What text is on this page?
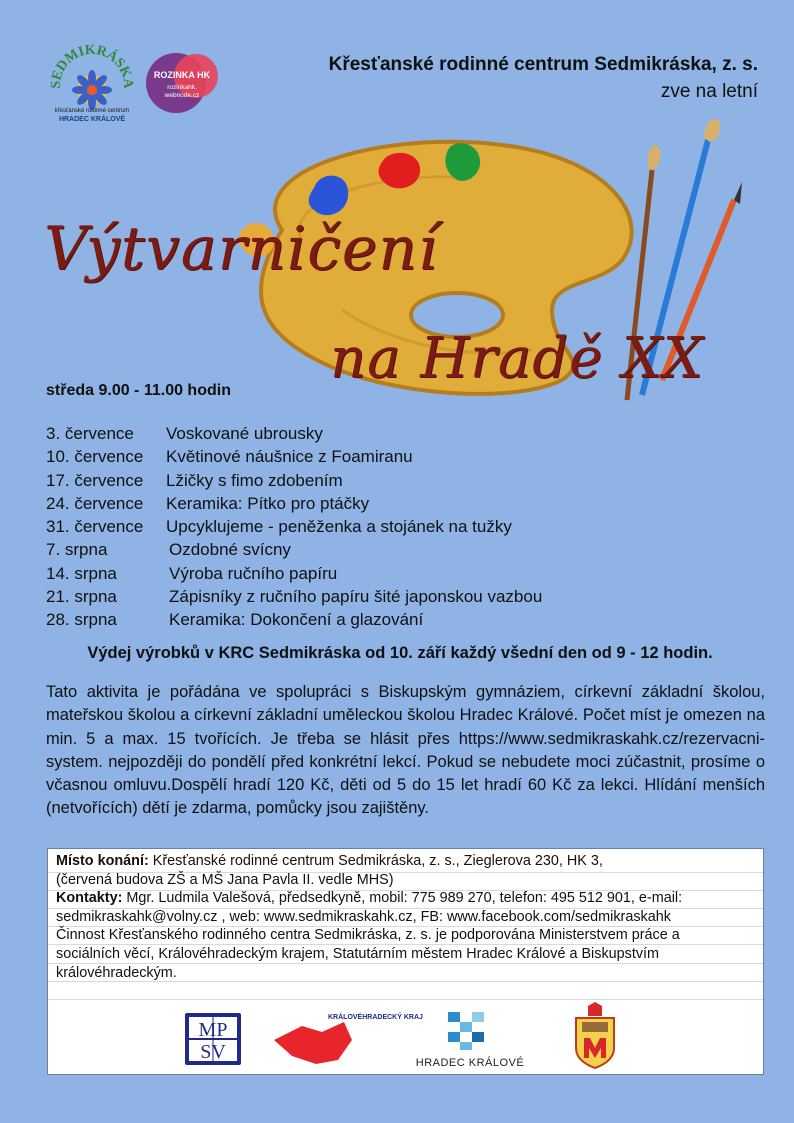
SEDMIKRÁSKA
křesťanské rodinné centrum
HRADEC KRÁLOVÉ
ROZINKA HK
rozinkahk.
webnode.cz
Křesťanské rodinné centrum Sedmikráska, z. s.
zve na letní
Výtvarničení
na Hradě XX
středa 9.00 - 11.00 hodin
3. července Voskované ubrousky
10. července Květinové náušnice z Foamiranu
17. července Lžičky s fimo zdobením
24. července Keramika: Pítko pro ptáčky
31. července Upcyklujeme - peněženka a stojánek na tužky
7. srpna	Ozdobné svícny
14. srpna	Výroba ručního papíru
21. srpna	Zápisníky z ručního papíru šité japonskou vazbou
28. srpna	Keramika: Dokončení a glazování
Výdej výrobků v KRC Sedmikráska od 10. září každý všední den od 9 - 12 hodin.
Tato aktivita je pořádána ve spolupráci s Biskupským gymnáziem, církevní základní školou, mateřskou školou a církevní základní uměleckou školou Hradec Králové. Počet míst je omezen na min. 5 a max. 15 tvořících. Je třeba se hlásit přes https://www.sedmikraskahk.cz/rezervacni-system. nejpozději do pondělí před konkrétní lekcí. Pokud se nebudete moci zúčastnit, prosíme o včasnou omluvu.Dospělí hradí 120 Kč, děti od 5 do 15 let hradí 60 Kč za lekci. Hlídání menších (netvořících) dětí je zdarma, pomůcky jsou zajištěny.
Místo konání: Křesťanské rodinné centrum Sedmikráska, z. s., Zieglerova 230, HK 3,
(červená budova ZŠ a MŠ Jana Pavla II. vedle MHS)
Kontakty: Mgr. Ludmila Valešová, předsedkyně, mobil: 775 989 270, telefon: 495 512 901, e-mail:
sedmikraskahk@volny.cz , web: www.sedmikraskahk.cz, FB: www.facebook.com/sedmikraskahk
Činnost Křesťanského rodinného centra Sedmikráska, z. s. je podporována Ministerstvem práce a
sociálních věcí, Královéhradeckým krajem, Statutárním městem Hradec Králové a Biskupstvím
královéhradeckým.
MP
SV
KRÁLOVÉHRADECKÝ KRAJ
HRADEC KRÁLOVÉ
